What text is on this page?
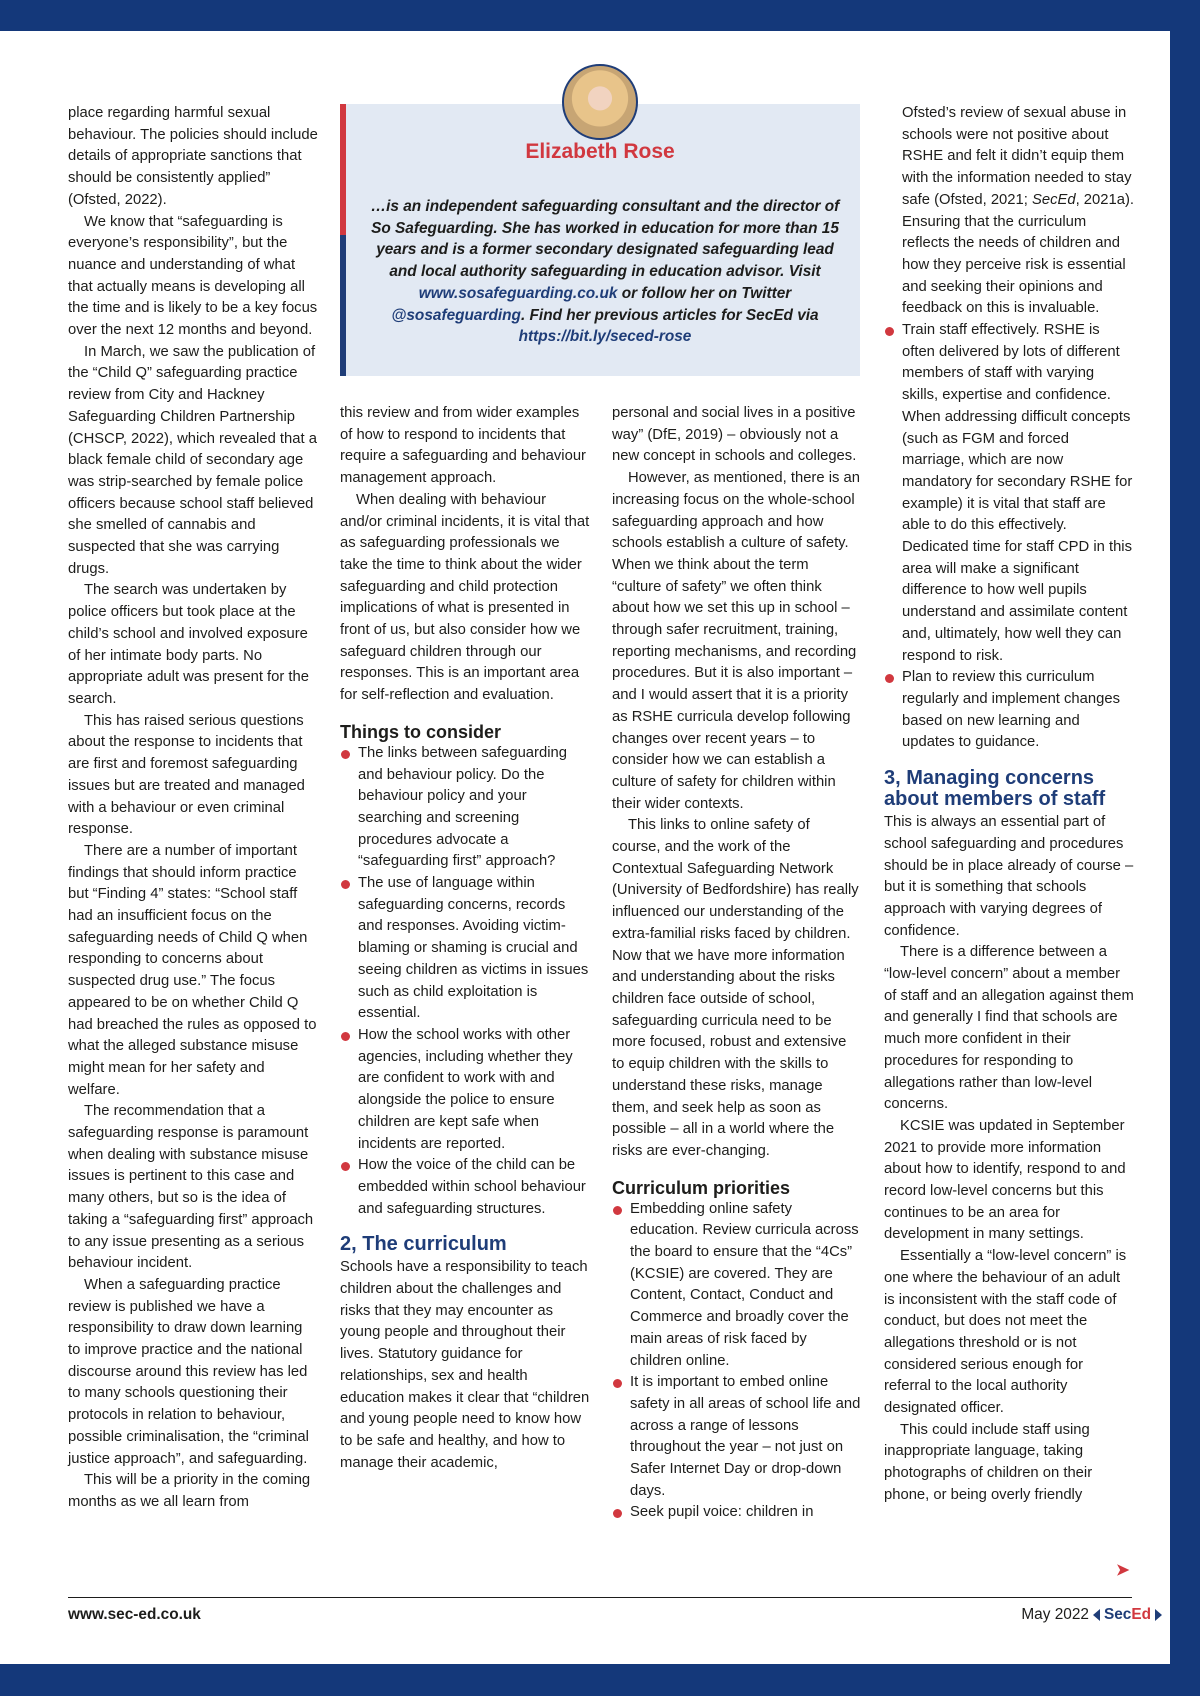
place regarding harmful sexual behaviour. The policies should include details of appropriate sanctions that should be consistently applied” (Ofsted, 2022).

We know that “safeguarding is everyone’s responsibility”, but the nuance and understanding of what that actually means is developing all the time and is likely to be a key focus over the next 12 months and beyond.

In March, we saw the publication of the “Child Q” safeguarding practice review from City and Hackney Safeguarding Children Partnership (CHSCP, 2022), which revealed that a black female child of secondary age was strip-searched by female police officers because school staff believed she smelled of cannabis and suspected that she was carrying drugs.

The search was undertaken by police officers but took place at the child’s school and involved exposure of her intimate body parts. No appropriate adult was present for the search.

This has raised serious questions about the response to incidents that are first and foremost safeguarding issues but are treated and managed with a behaviour or even criminal response.

There are a number of important findings that should inform practice but “Finding 4” states: “School staff had an insufficient focus on the safeguarding needs of Child Q when responding to concerns about suspected drug use.” The focus appeared to be on whether Child Q had breached the rules as opposed to what the alleged substance misuse might mean for her safety and welfare.

The recommendation that a safeguarding response is paramount when dealing with substance misuse issues is pertinent to this case and many others, but so is the idea of taking a “safeguarding first” approach to any issue presenting as a serious behaviour incident.

When a safeguarding practice review is published we have a responsibility to draw down learning to improve practice and the national discourse around this review has led to many schools questioning their protocols in relation to behaviour, possible criminalisation, the “criminal justice approach”, and safeguarding.

This will be a priority in the coming months as we all learn from

Elizabeth Rose
…is an independent safeguarding consultant and the director of So Safeguarding. She has worked in education for more than 15 years and is a former secondary designated safeguarding lead and local authority safeguarding in education advisor. Visit www.sosafeguarding.co.uk or follow her on Twitter @sosafeguarding. Find her previous articles for SecEd via https://bit.ly/seced-rose

this review and from wider examples of how to respond to incidents that require a safeguarding and behaviour management approach.

When dealing with behaviour and/or criminal incidents, it is vital that as safeguarding professionals we take the time to think about the wider safeguarding and child protection implications of what is presented in front of us, but also consider how we safeguard children through our responses. This is an important area for self-reflection and evaluation.

Things to consider
The links between safeguarding and behaviour policy. Do the behaviour policy and your searching and screening procedures advocate a “safeguarding first” approach?
The use of language within safeguarding concerns, records and responses. Avoiding victim-blaming or shaming is crucial and seeing children as victims in issues such as child exploitation is essential.
How the school works with other agencies, including whether they are confident to work with and alongside the police to ensure children are kept safe when incidents are reported.
How the voice of the child can be embedded within school behaviour and safeguarding structures.
2, The curriculum

Schools have a responsibility to teach children about the challenges and risks that they may encounter as young people and throughout their lives. Statutory guidance for relationships, sex and health education makes it clear that “children and young people need to know how to be safe and healthy, and how to manage their academic,

personal and social lives in a positive way” (DfE, 2019) – obviously not a new concept in schools and colleges.

However, as mentioned, there is an increasing focus on the whole-school safeguarding approach and how schools establish a culture of safety. When we think about the term “culture of safety” we often think about how we set this up in school – through safer recruitment, training, reporting mechanisms, and recording procedures. But it is also important – and I would assert that it is a priority as RSHE curricula develop following changes over recent years – to consider how we can establish a culture of safety for children within their wider contexts.

This links to online safety of course, and the work of the Contextual Safeguarding Network (University of Bedfordshire) has really influenced our understanding of the extra-familial risks faced by children. Now that we have more information and understanding about the risks children face outside of school, safeguarding curricula need to be more focused, robust and extensive to equip children with the skills to understand these risks, manage them, and seek help as soon as possible – all in a world where the risks are ever-changing.

Curriculum priorities
Embedding online safety education. Review curricula across the board to ensure that the “4Cs” (KCSIE) are covered. They are Content, Contact, Conduct and Commerce and broadly cover the main areas of risk faced by children online.
It is important to embed online safety in all areas of school life and across a range of lessons throughout the year – not just on Safer Internet Day or drop-down days.
Seek pupil voice: children in

Ofsted’s review of sexual abuse in schools were not positive about RSHE and felt it didn’t equip them with the information needed to stay safe (Ofsted, 2021; SecEd, 2021a). Ensuring that the curriculum reflects the needs of children and how they perceive risk is essential and seeking their opinions and feedback on this is invaluable.

Train staff effectively. RSHE is often delivered by lots of different members of staff with varying skills, expertise and confidence. When addressing difficult concepts (such as FGM and forced marriage, which are now mandatory for secondary RSHE for example) it is vital that staff are able to do this effectively. Dedicated time for staff CPD in this area will make a significant difference to how well pupils understand and assimilate content and, ultimately, how well they can respond to risk.
Plan to review this curriculum regularly and implement changes based on new learning and updates to guidance.
3, Managing concerns about members of staff

This is always an essential part of school safeguarding and procedures should be in place already of course – but it is something that schools approach with varying degrees of confidence.

There is a difference between a “low-level concern” about a member of staff and an allegation against them and generally I find that schools are much more confident in their procedures for responding to allegations rather than low-level concerns.

KCSIE was updated in September 2021 to provide more information about how to identify, respond to and record low-level concerns but this continues to be an area for development in many settings.

Essentially a “low-level concern” is one where the behaviour of an adult is inconsistent with the staff code of conduct, but does not meet the allegations threshold or is not considered serious enough for referral to the local authority designated officer.

This could include staff using inappropriate language, taking photographs of children on their phone, or being overly friendly

➤
www.sec-ed.co.uk	May 2022 SecEd
